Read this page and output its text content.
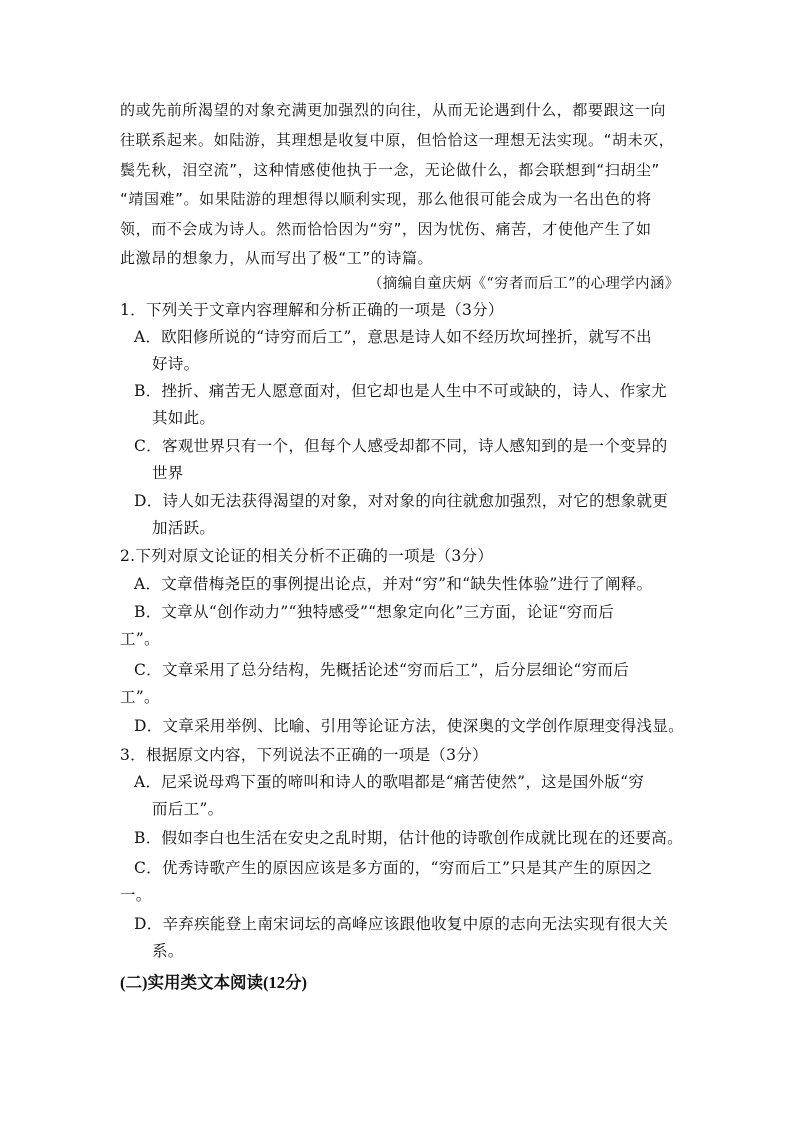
的或先前所渴望的对象充满更加强烈的向往，从而无论遇到什么，都要跟这一向
往联系起来。如陆游，其理想是收复中原，但恰恰这一理想无法实现。“胡未灭，
鬓先秋，泪空流”，这种情感使他执于一念，无论做什么，都会联想到“扫胡尘”
“靖国难”。如果陆游的理想得以顺利实现，那么他很可能会成为一名出色的将
领，而不会成为诗人。然而恰恰因为“穷”，因为忧伤、痛苦，才使他产生了如
此激昂的想象力，从而写出了极“工”的诗篇。
（摘编自童庆炳《“穷者而后工”的心理学内涵》
1．下列关于文章内容理解和分析正确的一项是（3分）
A．欧阳修所说的“诗穷而后工”，意思是诗人如不经历坎坷挫折，就写不出
好诗。
B．挫折、痛苦无人愿意面对，但它却也是人生中不可或缺的，诗人、作家尤
其如此。
C．客观世界只有一个，但每个人感受却都不同，诗人感知到的是一个变异的
世界
D．诗人如无法获得渴望的对象，对对象的向往就愈加强烈，对它的想象就更
加活跃。
2.下列对原文论证的相关分析不正确的一项是（3分）
A．文章借梅尧臣的事例提出论点，并对“穷”和“缺失性体验”进行了阐释。
B．文章从“创作动力”“独特感受”“想象定向化”三方面，论证“穷而后
工”。
C．文章采用了总分结构，先概括论述“穷而后工”，后分层细论“穷而后
工”。
D．文章采用举例、比喻、引用等论证方法，使深奥的文学创作原理变得浅显。
3．根据原文内容，下列说法不正确的一项是（3分）
A．尼采说母鸡下蛋的啼叫和诗人的歌唱都是“痛苦使然”，这是国外版“穷
而后工”。
B．假如李白也生活在安史之乱时期，估计他的诗歌创作成就比现在的还要高。
C．优秀诗歌产生的原因应该是多方面的，“穷而后工”只是其产生的原因之
一。
D．辛弃疾能登上南宋词坛的高峰应该跟他收复中原的志向无法实现有很大关
系。
(二)实用类文本阅读(12分)
